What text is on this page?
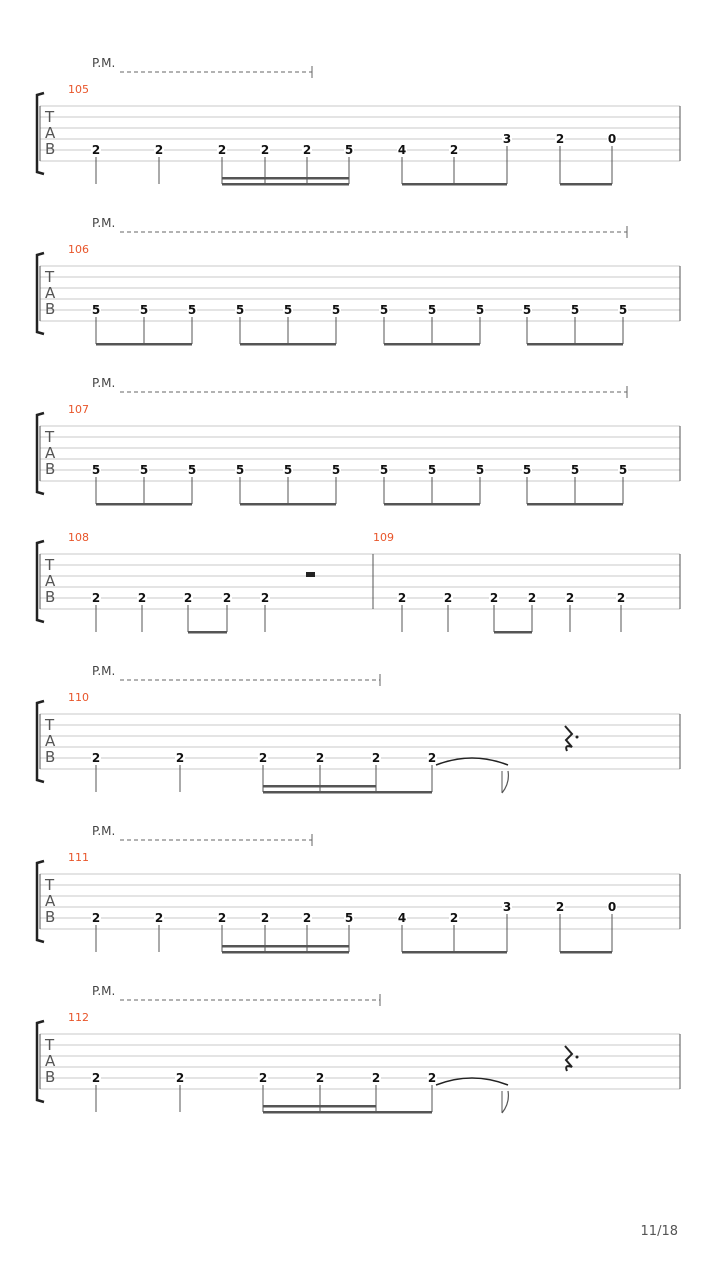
P.M.
T
A
B
105
2	2	2	2	2	5	4	2
3	2	0
P.M.
T
A
B
106
5	5	5	5	5	5	5	5	5	5	5	5
P.M.
T
A
B
107
5	5	5	5	5	5	5	5	5	5	5	5
T
A
B
108
2	2	2	2 2
109
2	2	2 2 2	2
P.M.
T
A
B
110
2	2	2	2	2	2
P.M.
T
A
B
111
2	2	2	2	2	5	4	2
3	2	0
P.M.
T
A
B
112
2	2	2	2	2	2
11/18
